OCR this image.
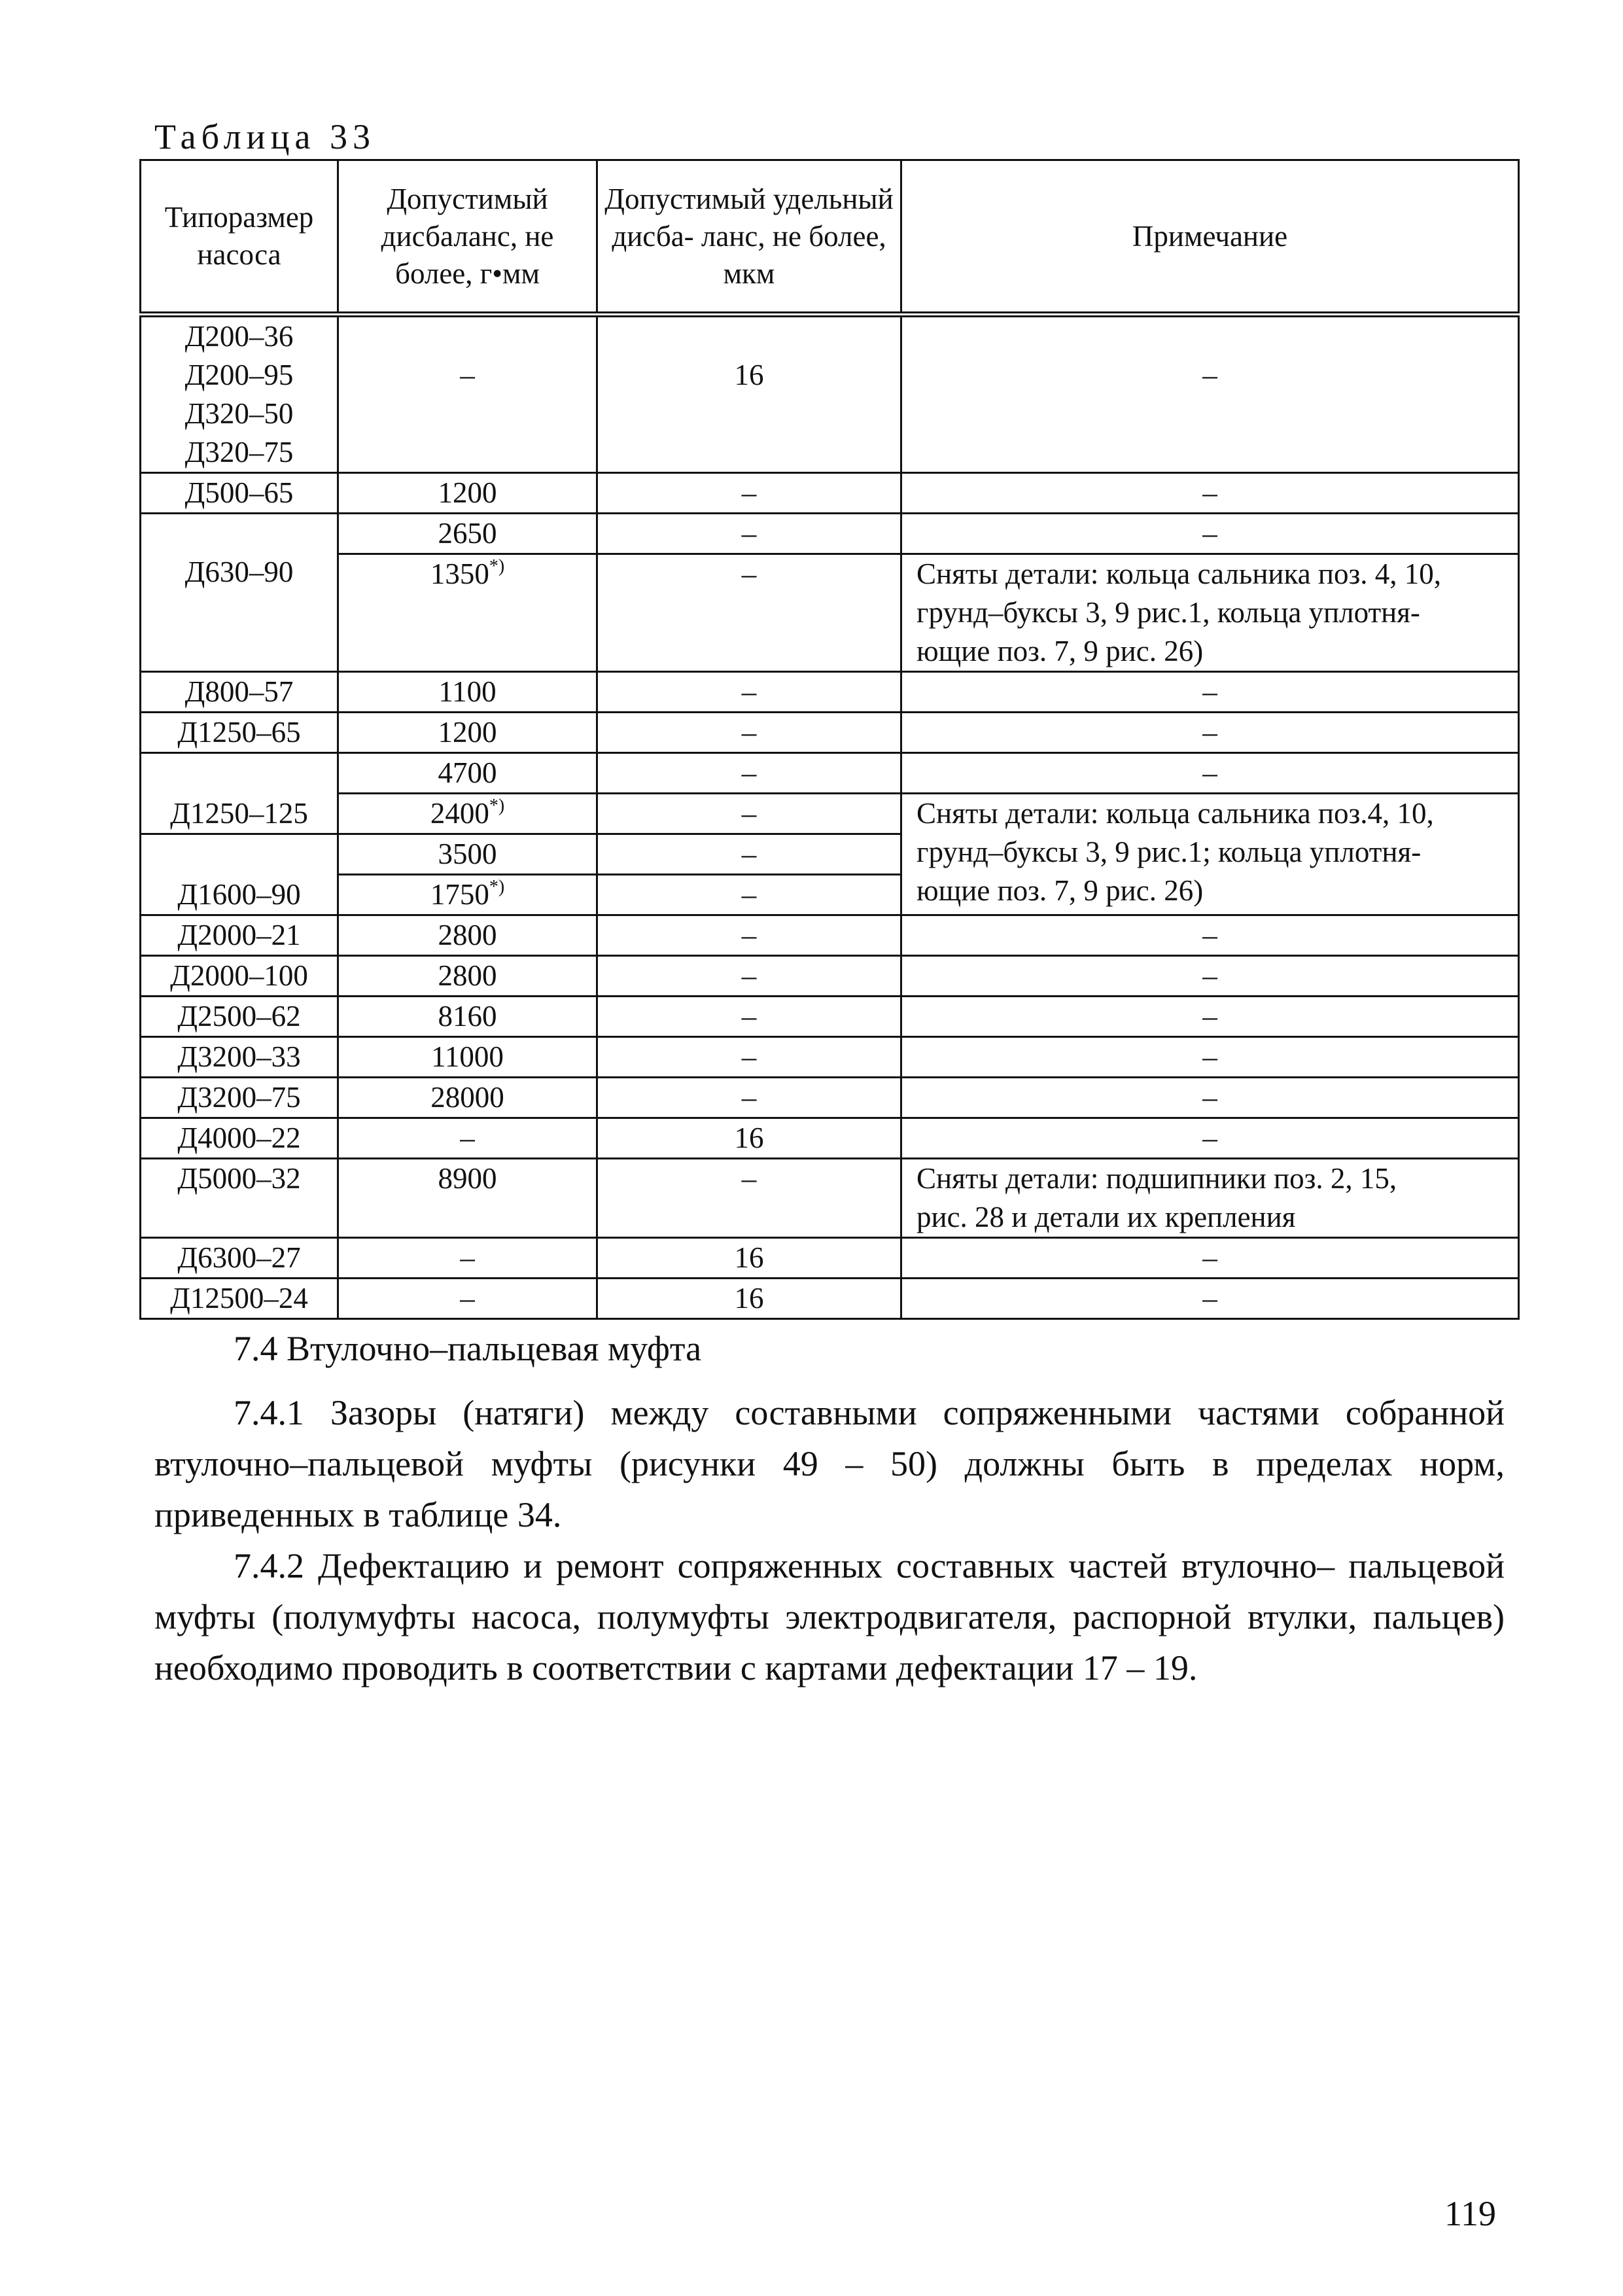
Таблица 33
Типоразмер насоса	Допустимый дисбаланс, не более, г•мм	Допустимый удельный дисба- ланс, не более, мкм	Примечание

Д200–36
Д200–95
Д320–50
Д320–75	–	16	–
Д500–65	1200	–	–
Д630–90	2650	–	–
	1350*)	–	Сняты детали: кольца сальника поз. 4, 10,
грунд–буксы 3, 9 рис.1, кольца уплотня-
ющие поз. 7, 9 рис. 26)

Д800–57	1100	–	–
Д1250–65	1200	–	–
Д1250–125	4700	–	–
	2400*)	–	Сняты детали: кольца сальника поз.4, 10,
грунд–буксы 3, 9 рис.1; кольца уплотня-
ющие поз. 7, 9 рис. 26)

Д1600–90	3500	–	
	1750*)	–	
Д2000–21	2800	–	–
Д2000–100	2800	–	–
Д2500–62	8160	–	–
Д3200–33	11000	–	–
Д3200–75	28000	–	–
Д4000–22	–	16	–
Д5000–32	8900	–	Сняты детали: подшипники поз. 2, 15,
рис. 28 и детали их крепления

Д6300–27	–	16	–
Д12500–24	–	16	–
7.4 Втулочно–пальцевая муфта

7.4.1 Зазоры (натяги) между составными сопряженными частями собранной втулочно–пальцевой муфты (рисунки 49 – 50) должны быть в пределах норм, приведенных в таблице 34.

7.4.2 Дефектацию и ремонт сопряженных составных частей втулочно– пальцевой муфты (полумуфты насоса, полумуфты электродвигателя, распорной втулки, пальцев) необходимо проводить в соответствии с картами дефектации 17 – 19.

119
